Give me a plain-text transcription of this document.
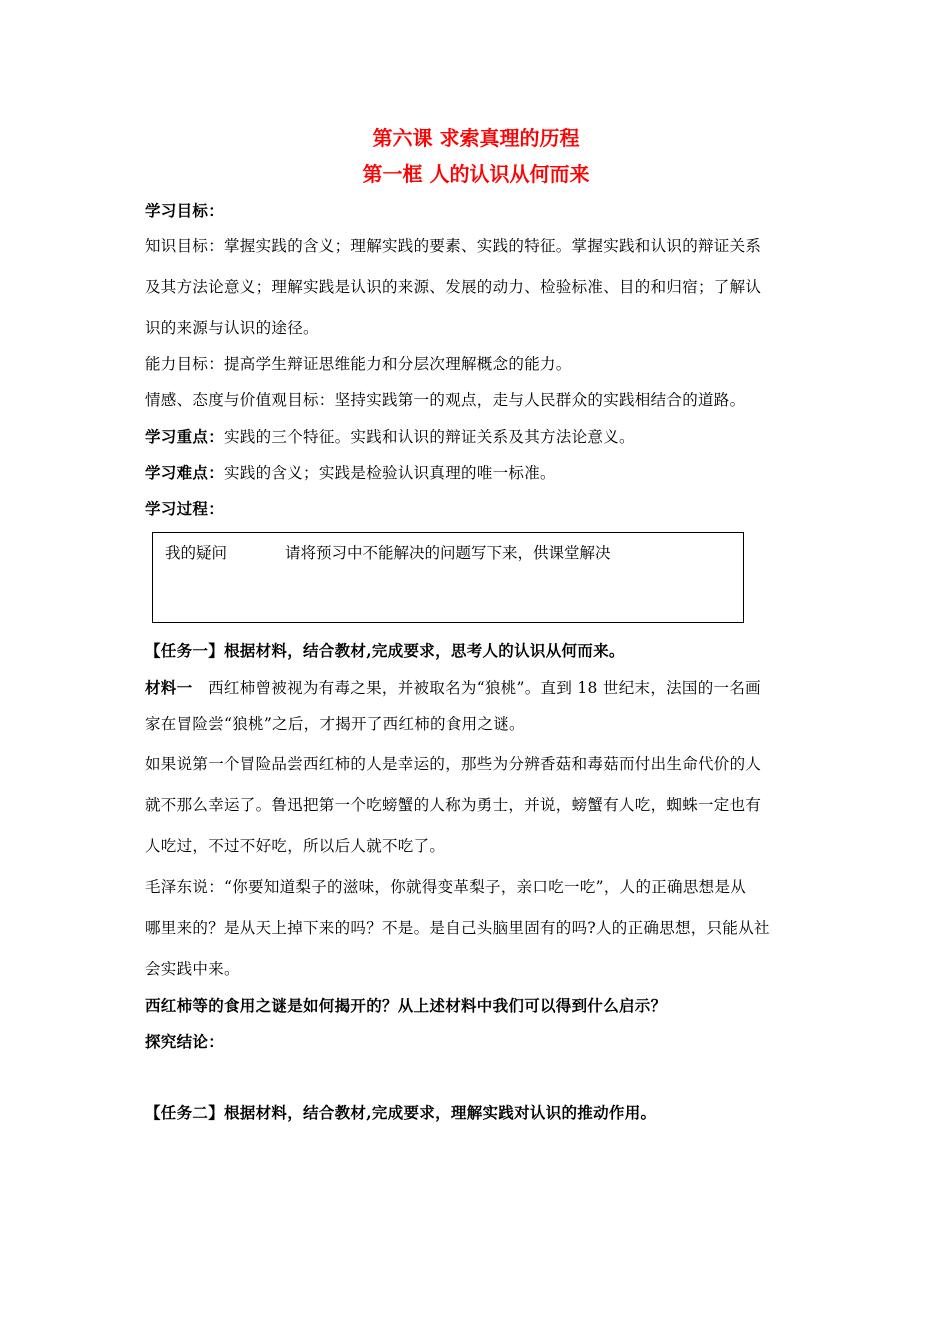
第六课 求索真理的历程
第一框 人的认识从何而来

学习目标：

知识目标：掌握实践的含义；理解实践的要素、实践的特征。掌握实践和认识的辩证关系

及其方法论意义；理解实践是认识的来源、发展的动力、检验标准、目的和归宿；了解认

识的来源与认识的途径。

能力目标：提高学生辩证思维能力和分层次理解概念的能力。

情感、态度与价值观目标：坚持实践第一的观点，走与人民群众的实践相结合的道路。

学习重点：实践的三个特征。实践和认识的辩证关系及其方法论意义。

学习难点：实践的含义；实践是检验认识真理的唯一标准。

学习过程：

我的疑问	请将预习中不能解决的问题写下来，供课堂解决

【任务一】根据材料，结合教材,完成要求，思考人的认识从何而来。

材料一 西红柿曾被视为有毒之果，并被取名为“狼桃”。直到 18 世纪末，法国的一名画

家在冒险尝“狼桃”之后，才揭开了西红柿的食用之谜。

如果说第一个冒险品尝西红柿的人是幸运的，那些为分辨香菇和毒菇而付出生命代价的人

就不那么幸运了。鲁迅把第一个吃螃蟹的人称为勇士，并说，螃蟹有人吃，蜘蛛一定也有

人吃过，不过不好吃，所以后人就不吃了。

毛泽东说：“你要知道梨子的滋味，你就得变革梨子，亲口吃一吃”，人的正确思想是从

哪里来的？是从天上掉下来的吗？不是。是自己头脑里固有的吗?人的正确思想，只能从社

会实践中来。

西红柿等的食用之谜是如何揭开的？从上述材料中我们可以得到什么启示？

探究结论：

【任务二】根据材料，结合教材,完成要求，理解实践对认识的推动作用。
